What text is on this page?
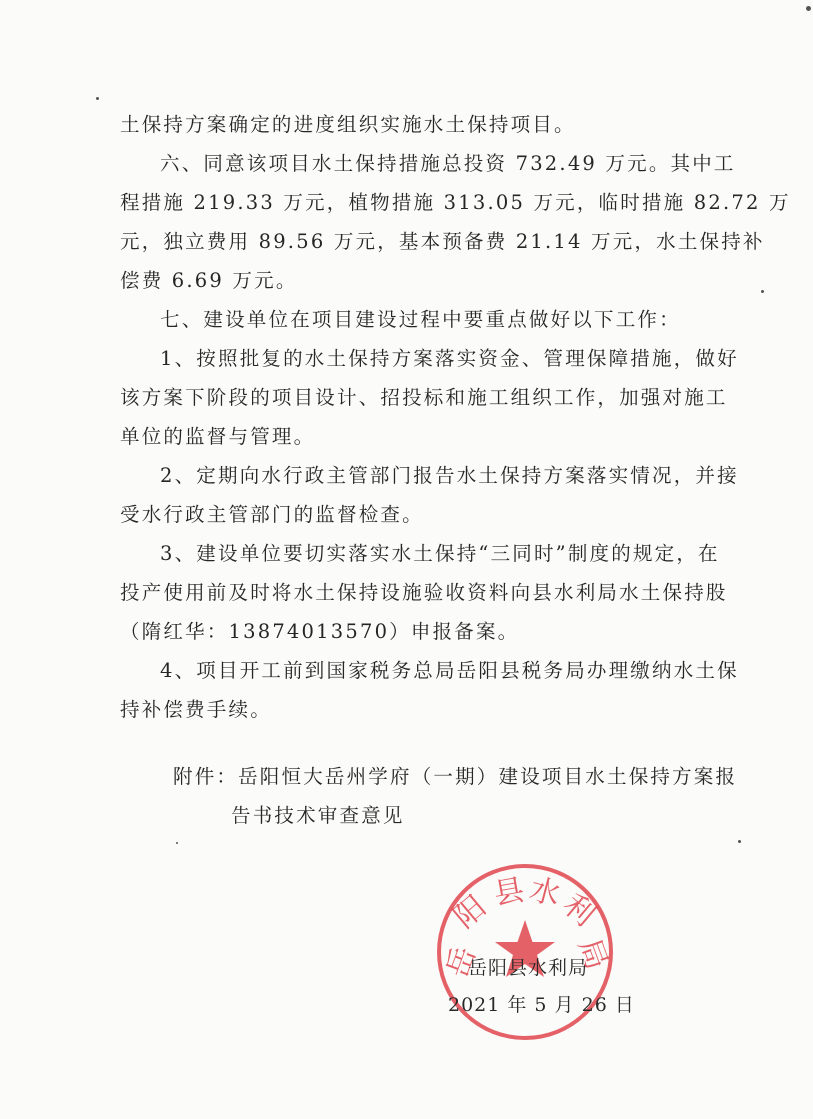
土保持方案确定的进度组织实施水土保持项目。
六、同意该项目水土保持措施总投资 732.49 万元。其中工
程措施 219.33 万元，植物措施 313.05 万元，临时措施 82.72 万
元，独立费用 89.56 万元，基本预备费 21.14 万元，水土保持补
偿费 6.69 万元。
七、建设单位在项目建设过程中要重点做好以下工作：
1、按照批复的水土保持方案落实资金、管理保障措施，做好
该方案下阶段的项目设计、招投标和施工组织工作，加强对施工
单位的监督与管理。
2、定期向水行政主管部门报告水土保持方案落实情况，并接
受水行政主管部门的监督检查。
3、建设单位要切实落实水土保持“三同时”制度的规定，在
投产使用前及时将水土保持设施验收资料向县水利局水土保持股
（隋红华：13874013570）申报备案。
4、项目开工前到国家税务总局岳阳县税务局办理缴纳水土保
持补偿费手续。
附件：岳阳恒大岳州学府（一期）建设项目水土保持方案报
告书技术审查意见
岳
阳
县
水
利
局
岳阳县水利局
2021 年 5 月 26 日
